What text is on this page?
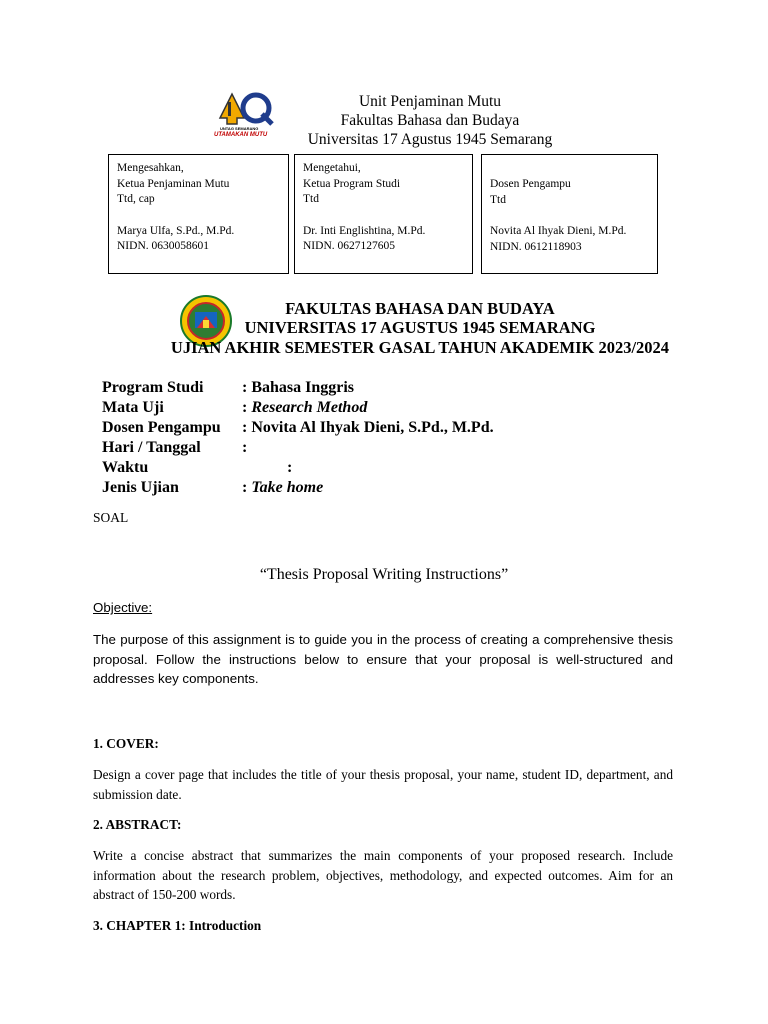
UNTAG SEMARANG
UTAMAKAN MUTU
Unit Penjaminan Mutu
Fakultas Bahasa dan Budaya
Universitas 17 Agustus 1945 Semarang
Mengesahkan,
Ketua Penjaminan Mutu
Ttd, cap
Marya Ulfa, S.Pd., M.Pd.
NIDN. 0630058601
Mengetahui,
Ketua Program Studi
Ttd
Dr. Inti Englishtina, M.Pd.
NIDN. 0627127605
Dosen Pengampu
Ttd
Novita Al Ihyak Dieni, M.Pd.
NIDN. 0612118903
FAKULTAS BAHASA DAN BUDAYA
UNIVERSITAS 17 AGUSTUS 1945 SEMARANG
UJIAN AKHIR SEMESTER GASAL TAHUN AKADEMIK 2023/2024
Program Studi : Bahasa Inggris
Mata Uji	: Research Method
Dosen Pengampu : Novita Al Ihyak Dieni, S.Pd., M.Pd.
Hari / Tanggal	:
Waktu	:
Jenis Ujian	: Take home
SOAL
“Thesis Proposal Writing Instructions”
Objective:
The purpose of this assignment is to guide you in the process of creating a comprehensive thesis proposal. Follow the instructions below to ensure that your proposal is well-structured and addresses key components.
1. COVER:
Design a cover page that includes the title of your thesis proposal, your name, student ID, department, and submission date.
2. ABSTRACT:
Write a concise abstract that summarizes the main components of your proposed research. Include information about the research problem, objectives, methodology, and expected outcomes. Aim for an abstract of 150-200 words.
3. CHAPTER 1: Introduction
